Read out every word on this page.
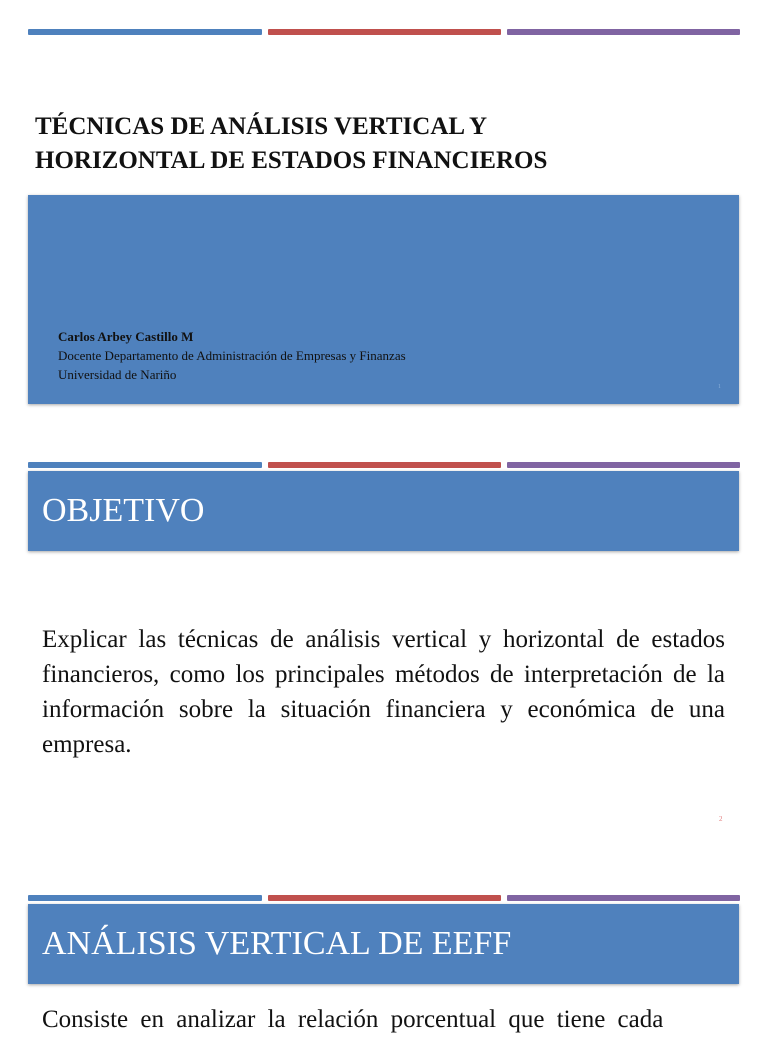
TÉCNICAS DE ANÁLISIS VERTICAL Y
HORIZONTAL DE ESTADOS FINANCIEROS
Carlos Arbey Castillo M
Docente Departamento de Administración de Empresas y Finanzas
Universidad de Nariño
1
OBJETIVO

Explicar las técnicas de análisis vertical y horizontal de estados financieros, como los principales métodos de interpretación de la información sobre la situación financiera y económica de una empresa.

2
ANÁLISIS VERTICAL DE EEFF

Consiste en analizar la relación porcentual que tiene cada
